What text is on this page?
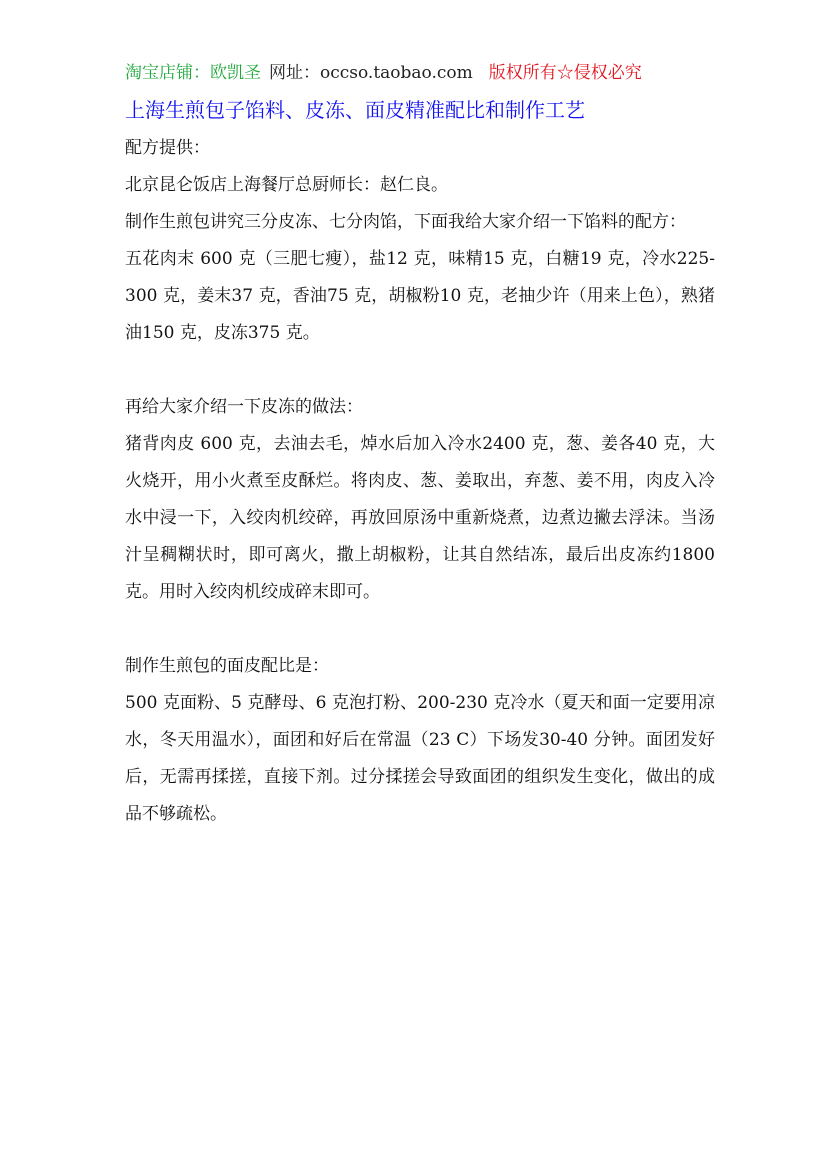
淘宝店铺：欧凯圣 网址：occso.taobao.com 版权所有☆侵权必究

上海生煎包子馅料、皮冻、面皮精准配比和制作工艺

配方提供：

北京昆仑饭店上海餐厅总厨师长：赵仁良。

制作生煎包讲究三分皮冻、七分肉馅，下面我给大家介绍一下馅料的配方：

五花肉末 600 克（三肥七瘦），盐12 克，味精15 克，白糖19 克，冷水225-300 克，姜末37 克，香油75 克，胡椒粉10 克，老抽少许（用来上色），熟猪油150 克，皮冻375 克。

再给大家介绍一下皮冻的做法：

猪背肉皮 600 克，去油去毛，焯水后加入冷水2400 克，葱、姜各40 克，大火烧开，用小火煮至皮酥烂。将肉皮、葱、姜取出，弃葱、姜不用，肉皮入冷水中浸一下，入绞肉机绞碎，再放回原汤中重新烧煮，边煮边撇去浮沫。当汤汁呈稠糊状时，即可离火，撒上胡椒粉，让其自然结冻，最后出皮冻约1800 克。用时入绞肉机绞成碎末即可。

制作生煎包的面皮配比是：

500 克面粉、5 克酵母、6 克泡打粉、200-230 克冷水（夏天和面一定要用凉水，冬天用温水），面团和好后在常温（23 C）下场发30-40 分钟。面团发好后，无需再揉搓，直接下剂。过分揉搓会导致面团的组织发生变化，做出的成品不够疏松。
